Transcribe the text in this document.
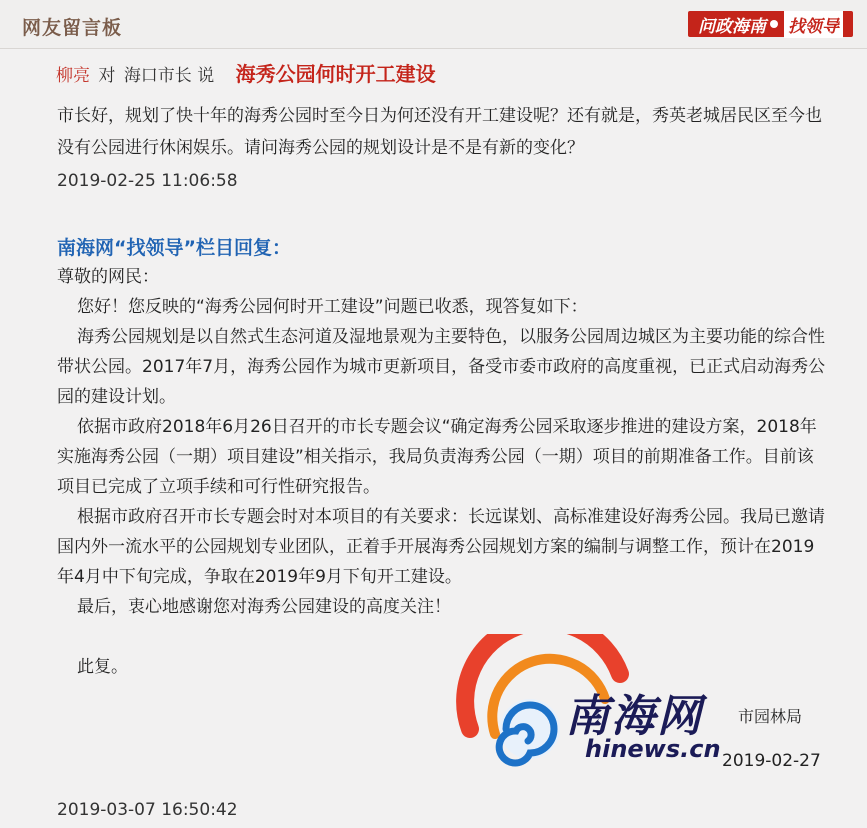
网友留言板	问政海南 找领导
柳亮 对 海口市长 说 海秀公园何时开工建设
市长好，规划了快十年的海秀公园时至今日为何还没有开工建设呢？还有就是，秀英老城居民区至今也没有公园进行休闲娱乐。请问海秀公园的规划设计是不是有新的变化？
2019-02-25 11:06:58
南海网“找领导”栏目回复：

尊敬的网民：

您好！您反映的“海秀公园何时开工建设”问题已收悉，现答复如下：

海秀公园规划是以自然式生态河道及湿地景观为主要特色，以服务公园周边城区为主要功能的综合性带状公园。2017年7月，海秀公园作为城市更新项目，备受市委市政府的高度重视，已正式启动海秀公园的建设计划。

依据市政府2018年6月26日召开的市长专题会议“确定海秀公园采取逐步推进的建设方案，2018年实施海秀公园（一期）项目建设”相关指示，我局负责海秀公园（一期）项目的前期准备工作。目前该项目已完成了立项手续和可行性研究报告。

根据市政府召开市长专题会时对本项目的有关要求：长远谋划、高标准建设好海秀公园。我局已邀请国内外一流水平的公园规划专业团队，正着手开展海秀公园规划方案的编制与调整工作，预计在2019年4月中下旬完成，争取在2019年9月下旬开工建设。

最后，衷心地感谢您对海秀公园建设的高度关注！

此复。
南海网
hinews.cn
市园林局
2019-02-27
2019-03-07 16:50:42
